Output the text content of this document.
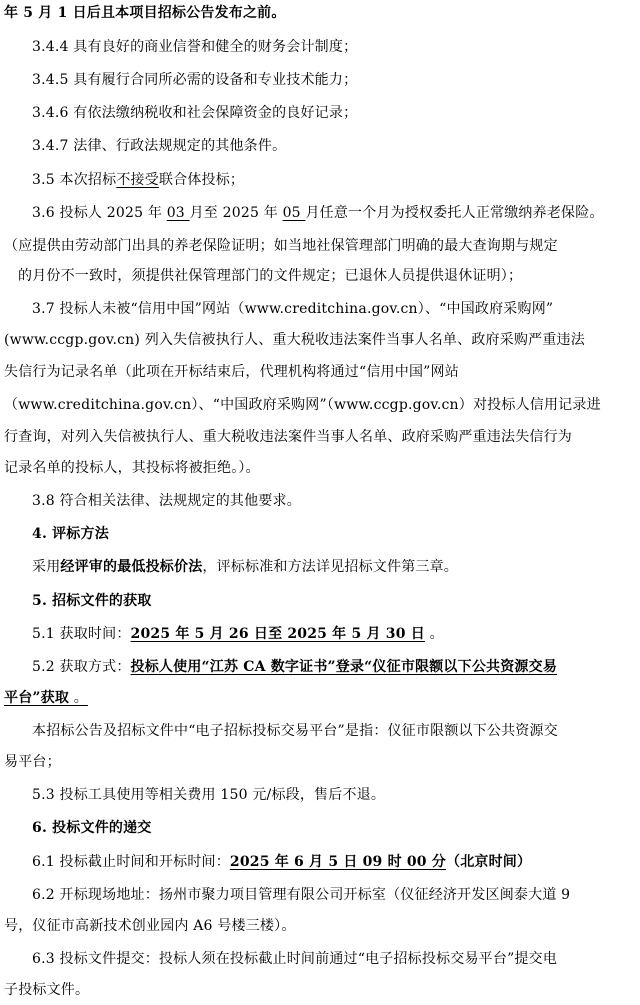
年 5 月 1 日后且本项目招标公告发布之前。
3.4.4 具有良好的商业信誉和健全的财务会计制度；
3.4.5 具有履行合同所必需的设备和专业技术能力；
3.4.6 有依法缴纳税收和社会保障资金的良好记录；
3.4.7 法律、行政法规规定的其他条件。
3.5 本次招标不接受联合体投标；
3.6 投标人 2025 年 03 月至 2025 年 05 月任意一个月为授权委托人正常缴纳养老保险。
（应提供由劳动部门出具的养老保险证明；如当地社保管理部门明确的最大查询期与规定
的月份不一致时，须提供社保管理部门的文件规定；已退休人员提供退休证明）；
3.7 投标人未被“信用中国”网站（www.creditchina.gov.cn）、“中国政府采购网”
(www.ccgp.gov.cn) 列入失信被执行人、重大税收违法案件当事人名单、政府采购严重违法
失信行为记录名单（此项在开标结束后，代理机构将通过“信用中国”网站
（www.creditchina.gov.cn）、“中国政府采购网”（www.ccgp.gov.cn）对投标人信用记录进
行查询，对列入失信被执行人、重大税收违法案件当事人名单、政府采购严重违法失信行为
记录名单的投标人，其投标将被拒绝。）。
3.8 符合相关法律、法规规定的其他要求。
4. 评标方法
采用经评审的最低投标价法，评标标准和方法详见招标文件第三章。
5. 招标文件的获取
5.1 获取时间：2025 年 5 月 26 日至 2025 年 5 月 30 日 。
5.2 获取方式：投标人使用“江苏 CA 数字证书”登录“仪征市限额以下公共资源交易
平台”获取 。
本招标公告及招标文件中“电子招标投标交易平台”是指：仪征市限额以下公共资源交
易平台；
5.3 投标工具使用等相关费用 150 元/标段，售后不退。
6. 投标文件的递交
6.1 投标截止时间和开标时间：2025 年 6 月 5 日 09 时 00 分（北京时间）
6.2 开标现场地址：扬州市聚力项目管理有限公司开标室（仪征经济开发区闽泰大道 9
号，仪征市高新技术创业园内 A6 号楼三楼）。
6.3 投标文件提交：投标人须在投标截止时间前通过“电子招标投标交易平台”提交电
子投标文件。
